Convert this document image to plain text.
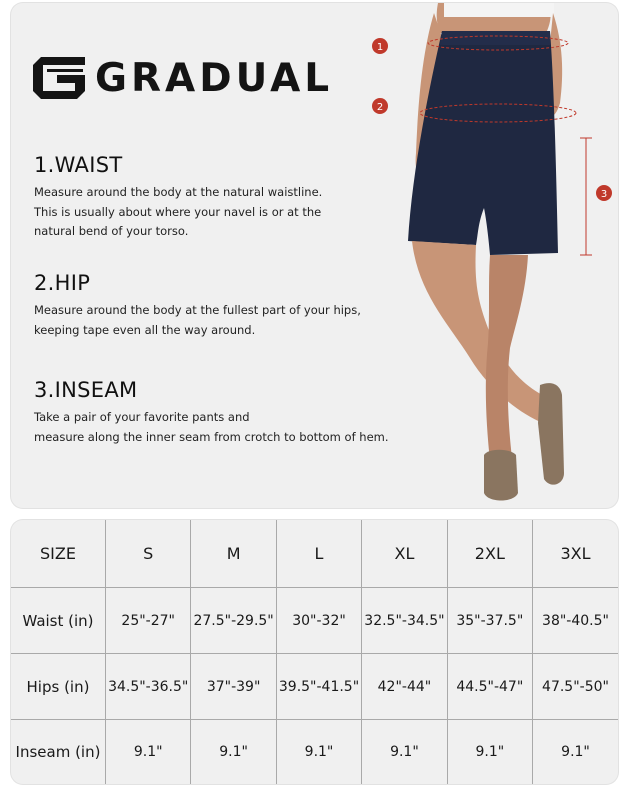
GRADUAL
1.WAIST

Measure around the body at the natural waistline.
This is usually about where your navel is or at the
natural bend of your torso.

2.HIP

Measure around the body at the fullest part of your hips,
keeping tape even all the way around.

3.INSEAM

Take a pair of your favorite pants and
measure along the inner seam from crotch to bottom of hem.

1
2
3
SIZE	S	M	L	XL	2XL	3XL
Waist (in)	25"-27"	27.5"-29.5"	30"-32"	32.5"-34.5"	35"-37.5"	38"-40.5"
Hips (in)	34.5"-36.5"	37"-39"	39.5"-41.5"	42"-44"	44.5"-47"	47.5"-50"
Inseam (in)	9.1"	9.1"	9.1"	9.1"	9.1"	9.1"
